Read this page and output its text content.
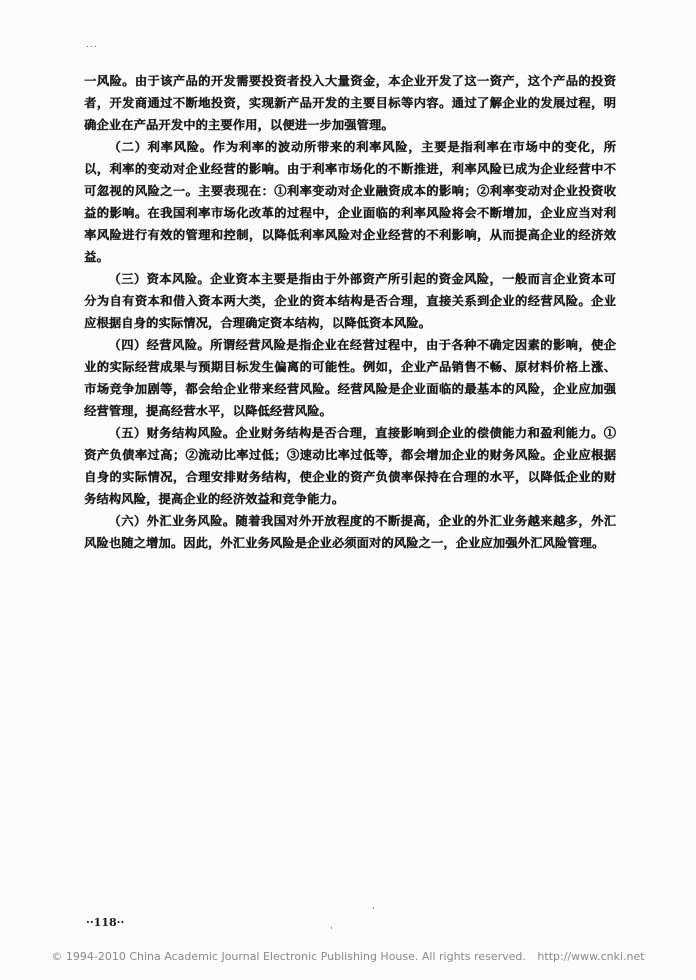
...

一风险。由于该产品的开发需要投资者投入大量资金，本企业开发了这一资产，这个产品的投资者，开发商通过不断地投资，实现新产品开发的主要目标等内容。通过了解企业的发展过程，明确企业在产品开发中的主要作用，以便进一步加强管理。

（二）利率风险。作为利率的波动所带来的利率风险，主要是指利率在市场中的变化，所以，利率的变动对企业经营的影响。由于利率市场化的不断推进，利率风险已成为企业经营中不可忽视的风险之一。主要表现在：①利率变动对企业融资成本的影响；②利率变动对企业投资收益的影响。在我国利率市场化改革的过程中，企业面临的利率风险将会不断增加，企业应当对利率风险进行有效的管理和控制，以降低利率风险对企业经营的不利影响，从而提高企业的经济效益。

（三）资本风险。企业资本主要是指由于外部资产所引起的资金风险，一般而言企业资本可分为自有资本和借入资本两大类，企业的资本结构是否合理，直接关系到企业的经营风险。企业应根据自身的实际情况，合理确定资本结构，以降低资本风险。

（四）经营风险。所谓经营风险是指企业在经营过程中，由于各种不确定因素的影响，使企业的实际经营成果与预期目标发生偏离的可能性。例如，企业产品销售不畅、原材料价格上涨、市场竞争加剧等，都会给企业带来经营风险。经营风险是企业面临的最基本的风险，企业应加强经营管理，提高经营水平，以降低经营风险。

（五）财务结构风险。企业财务结构是否合理，直接影响到企业的偿债能力和盈利能力。①资产负债率过高；②流动比率过低；③速动比率过低等，都会增加企业的财务风险。企业应根据自身的实际情况，合理安排财务结构，使企业的资产负债率保持在合理的水平，以降低企业的财务结构风险，提高企业的经济效益和竞争能力。

（六）外汇业务风险。随着我国对外开放程度的不断提高，企业的外汇业务越来越多，外汇风险也随之增加。因此，外汇业务风险是企业必须面对的风险之一，企业应加强外汇风险管理。

··118··	·
·
© 1994-2010 China Academic Journal Electronic Publishing House. All rights reserved. http://www.cnki.net
